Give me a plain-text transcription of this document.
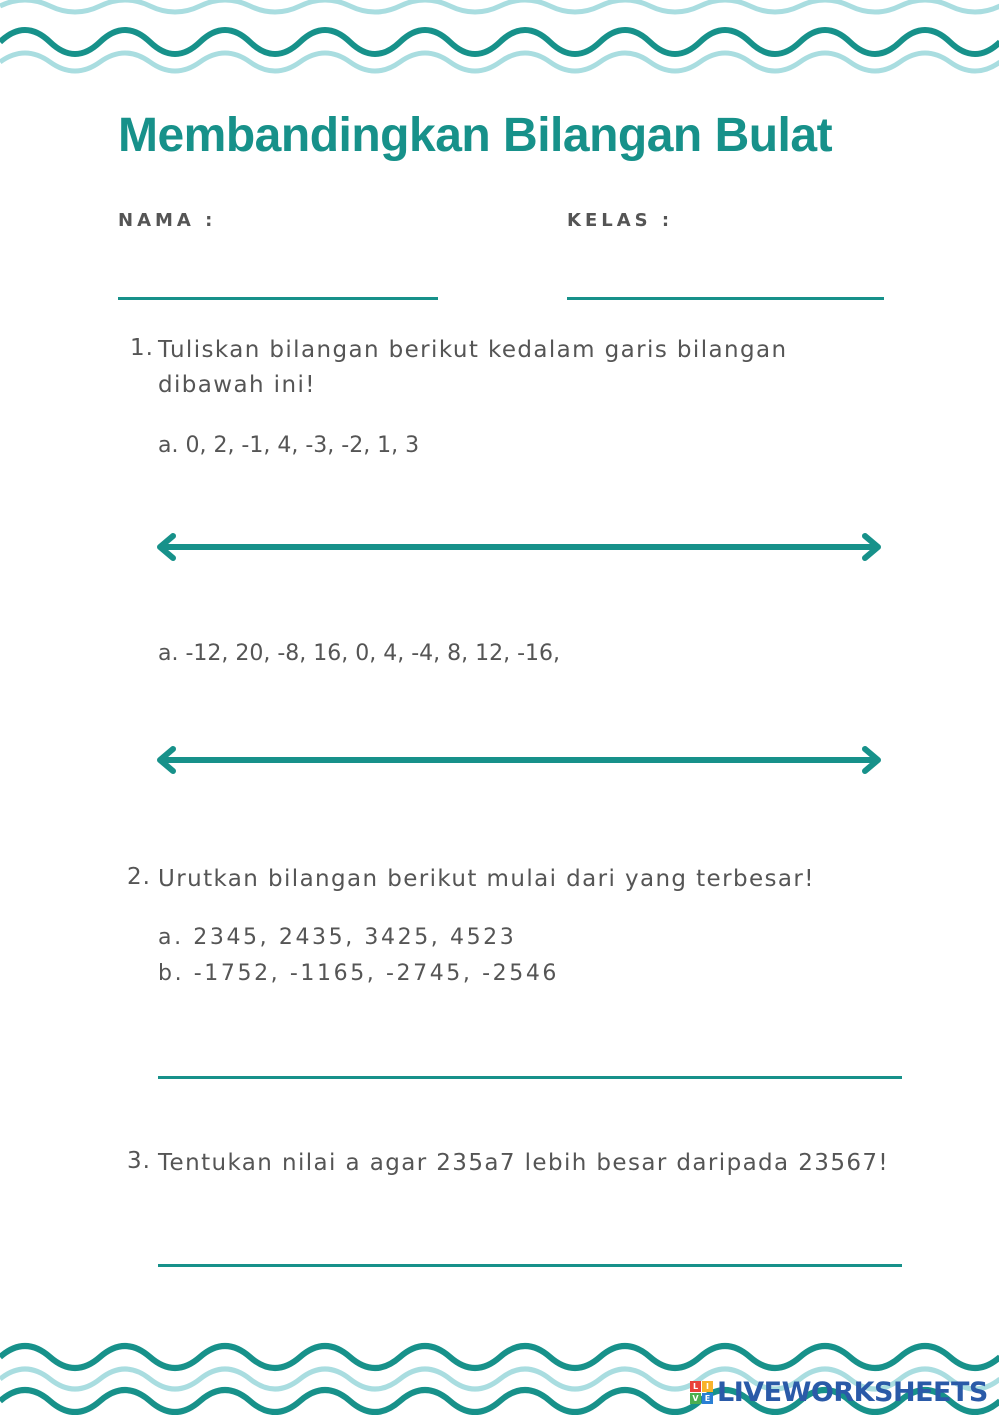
Membandingkan Bilangan Bulat
NAMA :	KELAS :
1. Tuliskan bilangan berikut kedalam garis bilangan
dibawah ini!
a. 0, 2, -1, 4, -3, -2, 1, 3
a. -12, 20, -8, 16, 0, 4, -4, 8, 12, -16,
2. Urutkan bilangan berikut mulai dari yang terbesar!
a. 2345, 2435, 3425, 4523
b. -1752, -1165, -2745, -2546
3. Tentukan nilai a agar 235a7 lebih besar daripada 23567!
L I
V E LIVEWORKSHEETS
